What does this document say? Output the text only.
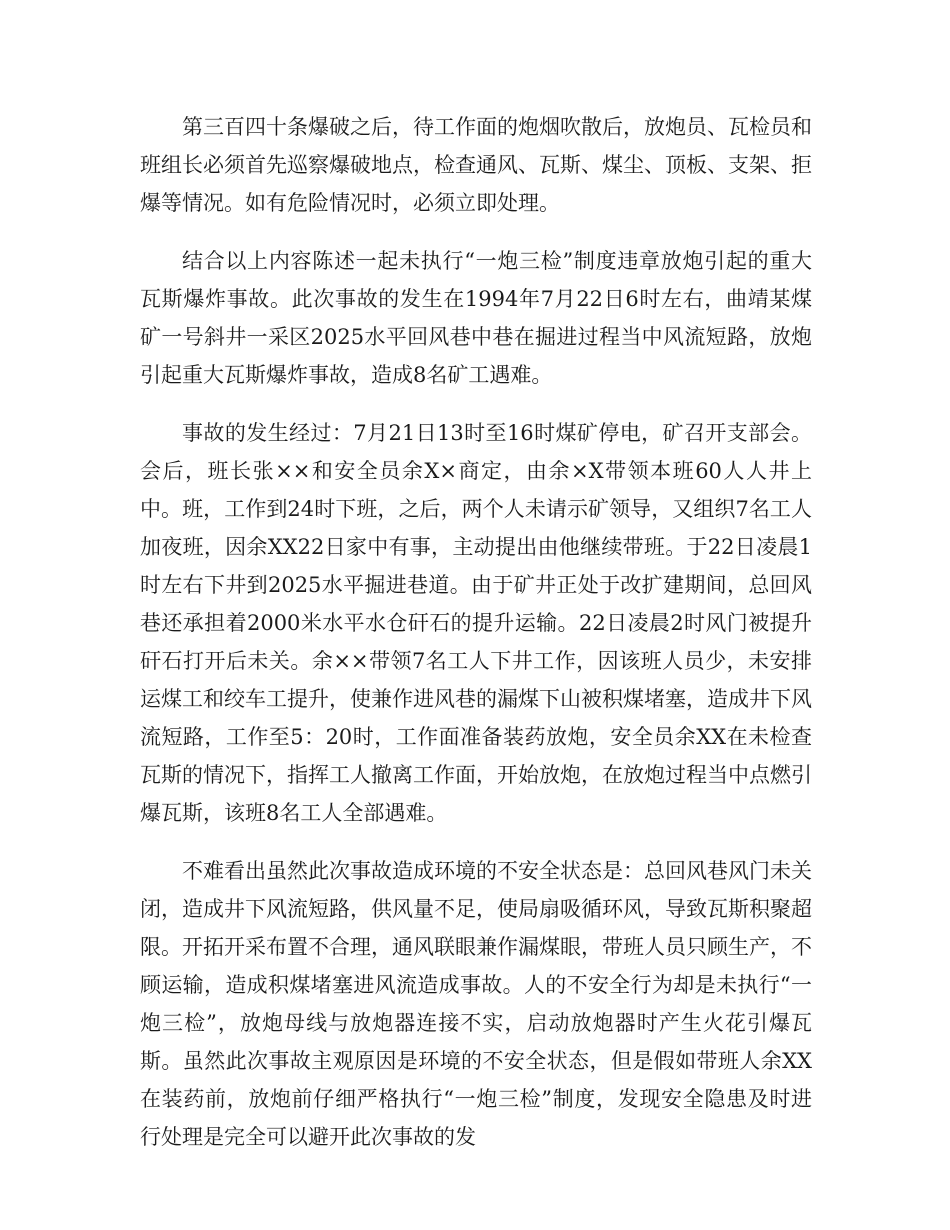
第三百四十条爆破之后，待工作面的炮烟吹散后，放炮员、瓦检员和班组长必须首先巡察爆破地点，检查通风、瓦斯、煤尘、顶板、支架、拒爆等情况。如有危险情况时，必须立即处理。

结合以上内容陈述一起未执行“一炮三检”制度违章放炮引起的重大瓦斯爆炸事故。此次事故的发生在1994年7月22日6时左右，曲靖某煤矿一号斜井一采区2025水平回风巷中巷在掘进过程当中风流短路，放炮引起重大瓦斯爆炸事故，造成8名矿工遇难。

事故的发生经过：7月21日13时至16时煤矿停电，矿召开支部会。会后，班长张××和安全员余X×商定，由余×X带领本班60人人井上中。班，工作到24时下班，之后，两个人未请示矿领导，又组织7名工人加夜班，因余XX22日家中有事，主动提出由他继续带班。于22日凌晨1时左右下井到2025水平掘进巷道。由于矿井正处于改扩建期间，总回风巷还承担着2000米水平水仓矸石的提升运输。22日凌晨2时风门被提升矸石打开后未关。余××带领7名工人下井工作，因该班人员少，未安排运煤工和绞车工提升，使兼作进风巷的漏煤下山被积煤堵塞，造成井下风流短路，工作至5：20时，工作面准备装药放炮，安全员余XX在未检查瓦斯的情况下，指挥工人撤离工作面，开始放炮，在放炮过程当中点燃引爆瓦斯，该班8名工人全部遇难。

不难看出虽然此次事故造成环境的不安全状态是：总回风巷风门未关闭，造成井下风流短路，供风量不足，使局扇吸循环风，导致瓦斯积聚超限。开拓开采布置不合理，通风联眼兼作漏煤眼，带班人员只顾生产，不顾运输，造成积煤堵塞进风流造成事故。人的不安全行为却是未执行“一炮三检”，放炮母线与放炮器连接不实，启动放炮器时产生火花引爆瓦斯。虽然此次事故主观原因是环境的不安全状态，但是假如带班人余XX在装药前，放炮前仔细严格执行“一炮三检”制度，发现安全隐患及时进行处理是完全可以避开此次事故的发
